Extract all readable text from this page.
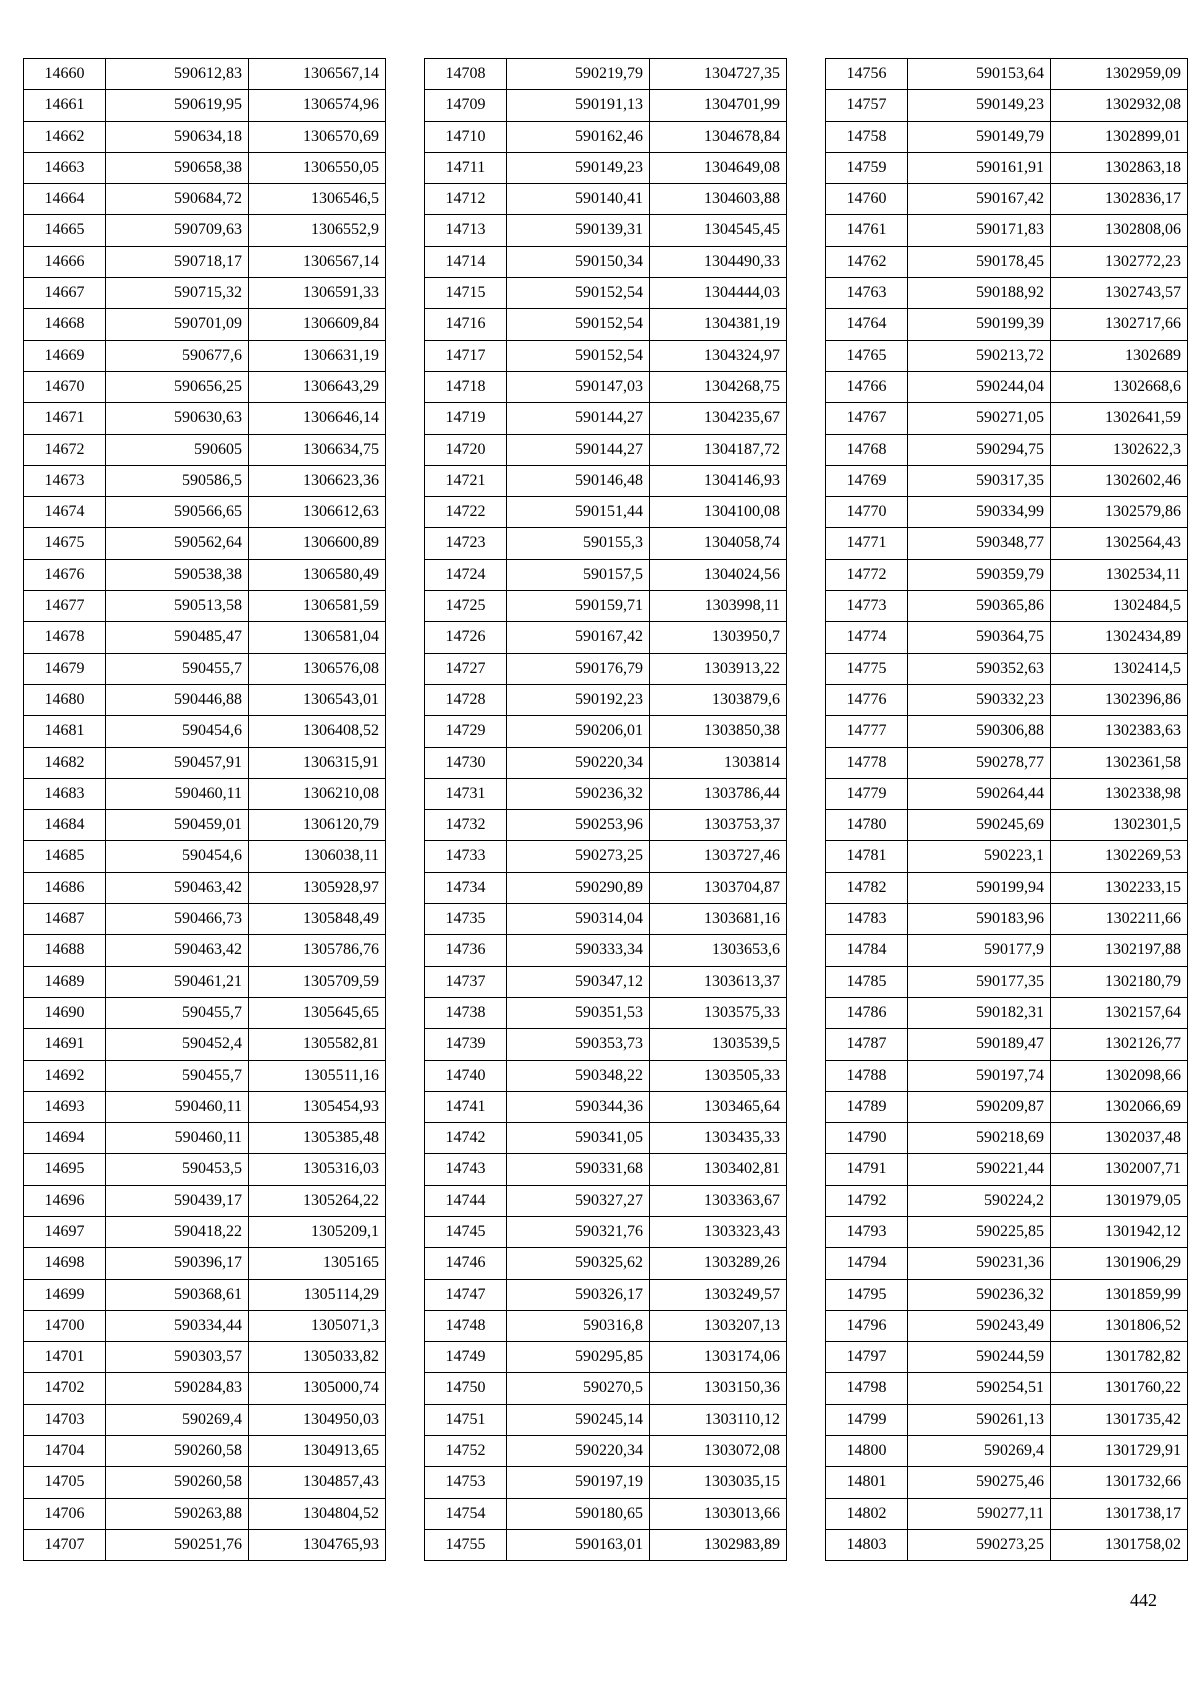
14660	590612,83	1306567,14
14661	590619,95	1306574,96
14662	590634,18	1306570,69
14663	590658,38	1306550,05
14664	590684,72	1306546,5
14665	590709,63	1306552,9
14666	590718,17	1306567,14
14667	590715,32	1306591,33
14668	590701,09	1306609,84
14669	590677,6	1306631,19
14670	590656,25	1306643,29
14671	590630,63	1306646,14
14672	590605	1306634,75
14673	590586,5	1306623,36
14674	590566,65	1306612,63
14675	590562,64	1306600,89
14676	590538,38	1306580,49
14677	590513,58	1306581,59
14678	590485,47	1306581,04
14679	590455,7	1306576,08
14680	590446,88	1306543,01
14681	590454,6	1306408,52
14682	590457,91	1306315,91
14683	590460,11	1306210,08
14684	590459,01	1306120,79
14685	590454,6	1306038,11
14686	590463,42	1305928,97
14687	590466,73	1305848,49
14688	590463,42	1305786,76
14689	590461,21	1305709,59
14690	590455,7	1305645,65
14691	590452,4	1305582,81
14692	590455,7	1305511,16
14693	590460,11	1305454,93
14694	590460,11	1305385,48
14695	590453,5	1305316,03
14696	590439,17	1305264,22
14697	590418,22	1305209,1
14698	590396,17	1305165
14699	590368,61	1305114,29
14700	590334,44	1305071,3
14701	590303,57	1305033,82
14702	590284,83	1305000,74
14703	590269,4	1304950,03
14704	590260,58	1304913,65
14705	590260,58	1304857,43
14706	590263,88	1304804,52
14707	590251,76	1304765,93
14708	590219,79	1304727,35
14709	590191,13	1304701,99
14710	590162,46	1304678,84
14711	590149,23	1304649,08
14712	590140,41	1304603,88
14713	590139,31	1304545,45
14714	590150,34	1304490,33
14715	590152,54	1304444,03
14716	590152,54	1304381,19
14717	590152,54	1304324,97
14718	590147,03	1304268,75
14719	590144,27	1304235,67
14720	590144,27	1304187,72
14721	590146,48	1304146,93
14722	590151,44	1304100,08
14723	590155,3	1304058,74
14724	590157,5	1304024,56
14725	590159,71	1303998,11
14726	590167,42	1303950,7
14727	590176,79	1303913,22
14728	590192,23	1303879,6
14729	590206,01	1303850,38
14730	590220,34	1303814
14731	590236,32	1303786,44
14732	590253,96	1303753,37
14733	590273,25	1303727,46
14734	590290,89	1303704,87
14735	590314,04	1303681,16
14736	590333,34	1303653,6
14737	590347,12	1303613,37
14738	590351,53	1303575,33
14739	590353,73	1303539,5
14740	590348,22	1303505,33
14741	590344,36	1303465,64
14742	590341,05	1303435,33
14743	590331,68	1303402,81
14744	590327,27	1303363,67
14745	590321,76	1303323,43
14746	590325,62	1303289,26
14747	590326,17	1303249,57
14748	590316,8	1303207,13
14749	590295,85	1303174,06
14750	590270,5	1303150,36
14751	590245,14	1303110,12
14752	590220,34	1303072,08
14753	590197,19	1303035,15
14754	590180,65	1303013,66
14755	590163,01	1302983,89
14756	590153,64	1302959,09
14757	590149,23	1302932,08
14758	590149,79	1302899,01
14759	590161,91	1302863,18
14760	590167,42	1302836,17
14761	590171,83	1302808,06
14762	590178,45	1302772,23
14763	590188,92	1302743,57
14764	590199,39	1302717,66
14765	590213,72	1302689
14766	590244,04	1302668,6
14767	590271,05	1302641,59
14768	590294,75	1302622,3
14769	590317,35	1302602,46
14770	590334,99	1302579,86
14771	590348,77	1302564,43
14772	590359,79	1302534,11
14773	590365,86	1302484,5
14774	590364,75	1302434,89
14775	590352,63	1302414,5
14776	590332,23	1302396,86
14777	590306,88	1302383,63
14778	590278,77	1302361,58
14779	590264,44	1302338,98
14780	590245,69	1302301,5
14781	590223,1	1302269,53
14782	590199,94	1302233,15
14783	590183,96	1302211,66
14784	590177,9	1302197,88
14785	590177,35	1302180,79
14786	590182,31	1302157,64
14787	590189,47	1302126,77
14788	590197,74	1302098,66
14789	590209,87	1302066,69
14790	590218,69	1302037,48
14791	590221,44	1302007,71
14792	590224,2	1301979,05
14793	590225,85	1301942,12
14794	590231,36	1301906,29
14795	590236,32	1301859,99
14796	590243,49	1301806,52
14797	590244,59	1301782,82
14798	590254,51	1301760,22
14799	590261,13	1301735,42
14800	590269,4	1301729,91
14801	590275,46	1301732,66
14802	590277,11	1301738,17
14803	590273,25	1301758,02
442
